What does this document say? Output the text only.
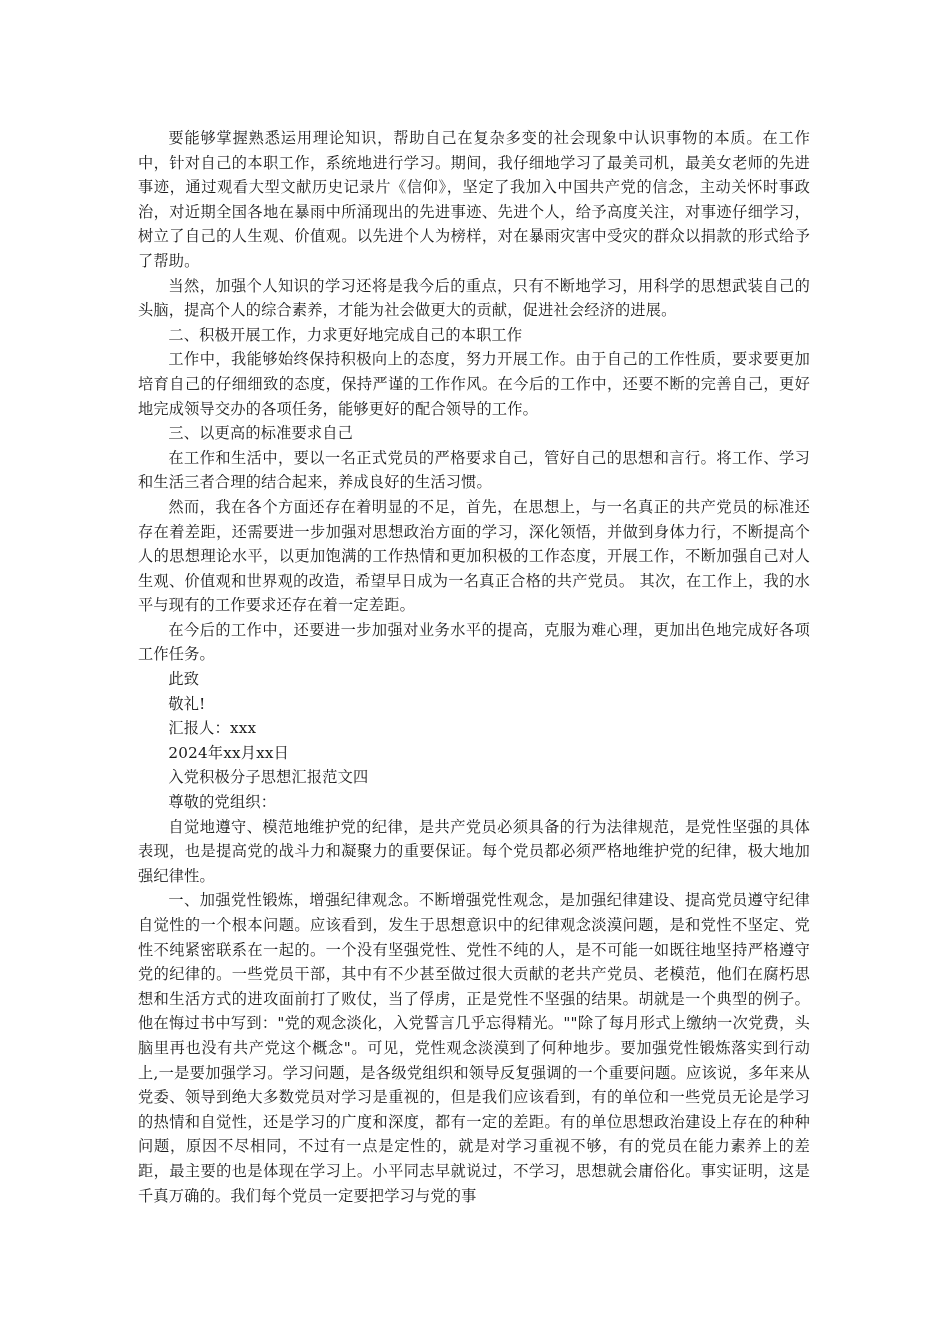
要能够掌握熟悉运用理论知识，帮助自己在复杂多变的社会现象中认识事物的本质。在工作中，针对自己的本职工作，系统地进行学习。期间，我仔细地学习了最美司机，最美女老师的先进事迹，通过观看大型文献历史记录片《信仰》，坚定了我加入中国共产党的信念，主动关怀时事政治，对近期全国各地在暴雨中所涌现出的先进事迹、先进个人，给予高度关注，对事迹仔细学习，树立了自己的人生观、价值观。以先进个人为榜样，对在暴雨灾害中受灾的群众以捐款的形式给予了帮助。

当然，加强个人知识的学习还将是我今后的重点，只有不断地学习，用科学的思想武装自己的头脑，提高个人的综合素养，才能为社会做更大的贡献，促进社会经济的进展。

二、积极开展工作，力求更好地完成自己的本职工作

工作中，我能够始终保持积极向上的态度，努力开展工作。由于自己的工作性质，要求要更加培育自己的仔细细致的态度，保持严谨的工作作风。在今后的工作中，还要不断的完善自己，更好地完成领导交办的各项任务，能够更好的配合领导的工作。

三、以更高的标准要求自己

在工作和生活中，要以一名正式党员的严格要求自己，管好自己的思想和言行。将工作、学习和生活三者合理的结合起来，养成良好的生活习惯。

然而，我在各个方面还存在着明显的不足，首先，在思想上，与一名真正的共产党员的标准还存在着差距，还需要进一步加强对思想政治方面的学习，深化领悟，并做到身体力行，不断提高个人的思想理论水平，以更加饱满的工作热情和更加积极的工作态度，开展工作，不断加强自己对人生观、价值观和世界观的改造，希望早日成为一名真正合格的共产党员。 其次，在工作上，我的水平与现有的工作要求还存在着一定差距。

在今后的工作中，还要进一步加强对业务水平的提高，克服为难心理，更加出色地完成好各项工作任务。

此致

敬礼!

汇报人：xxx

2024年xx月xx日

入党积极分子思想汇报范文四

尊敬的党组织：

自觉地遵守、模范地维护党的纪律，是共产党员必须具备的行为法律规范，是党性坚强的具体表现，也是提高党的战斗力和凝聚力的重要保证。每个党员都必须严格地维护党的纪律，极大地加强纪律性。

一、加强党性锻炼，增强纪律观念。不断增强党性观念，是加强纪律建设、提高党员遵守纪律自觉性的一个根本问题。应该看到，发生于思想意识中的纪律观念淡漠问题，是和党性不坚定、党性不纯紧密联系在一起的。一个没有坚强党性、党性不纯的人，是不可能一如既往地坚持严格遵守党的纪律的。一些党员干部，其中有不少甚至做过很大贡献的老共产党员、老模范，他们在腐朽思想和生活方式的进攻面前打了败仗，当了俘虏，正是党性不坚强的结果。胡就是一个典型的例子。他在悔过书中写到："党的观念淡化，入党誓言几乎忘得精光。""除了每月形式上缴纳一次党费，头脑里再也没有共产党这个概念"。可见，党性观念淡漠到了何种地步。要加强党性锻炼落实到行动上,一是要加强学习。学习问题，是各级党组织和领导反复强调的一个重要问题。应该说，多年来从党委、领导到绝大多数党员对学习是重视的，但是我们应该看到，有的单位和一些党员无论是学习的热情和自觉性，还是学习的广度和深度，都有一定的差距。有的单位思想政治建设上存在的种种问题，原因不尽相同，不过有一点是定性的，就是对学习重视不够，有的党员在能力素养上的差距，最主要的也是体现在学习上。小平同志早就说过，不学习，思想就会庸俗化。事实证明，这是千真万确的。我们每个党员一定要把学习与党的事
